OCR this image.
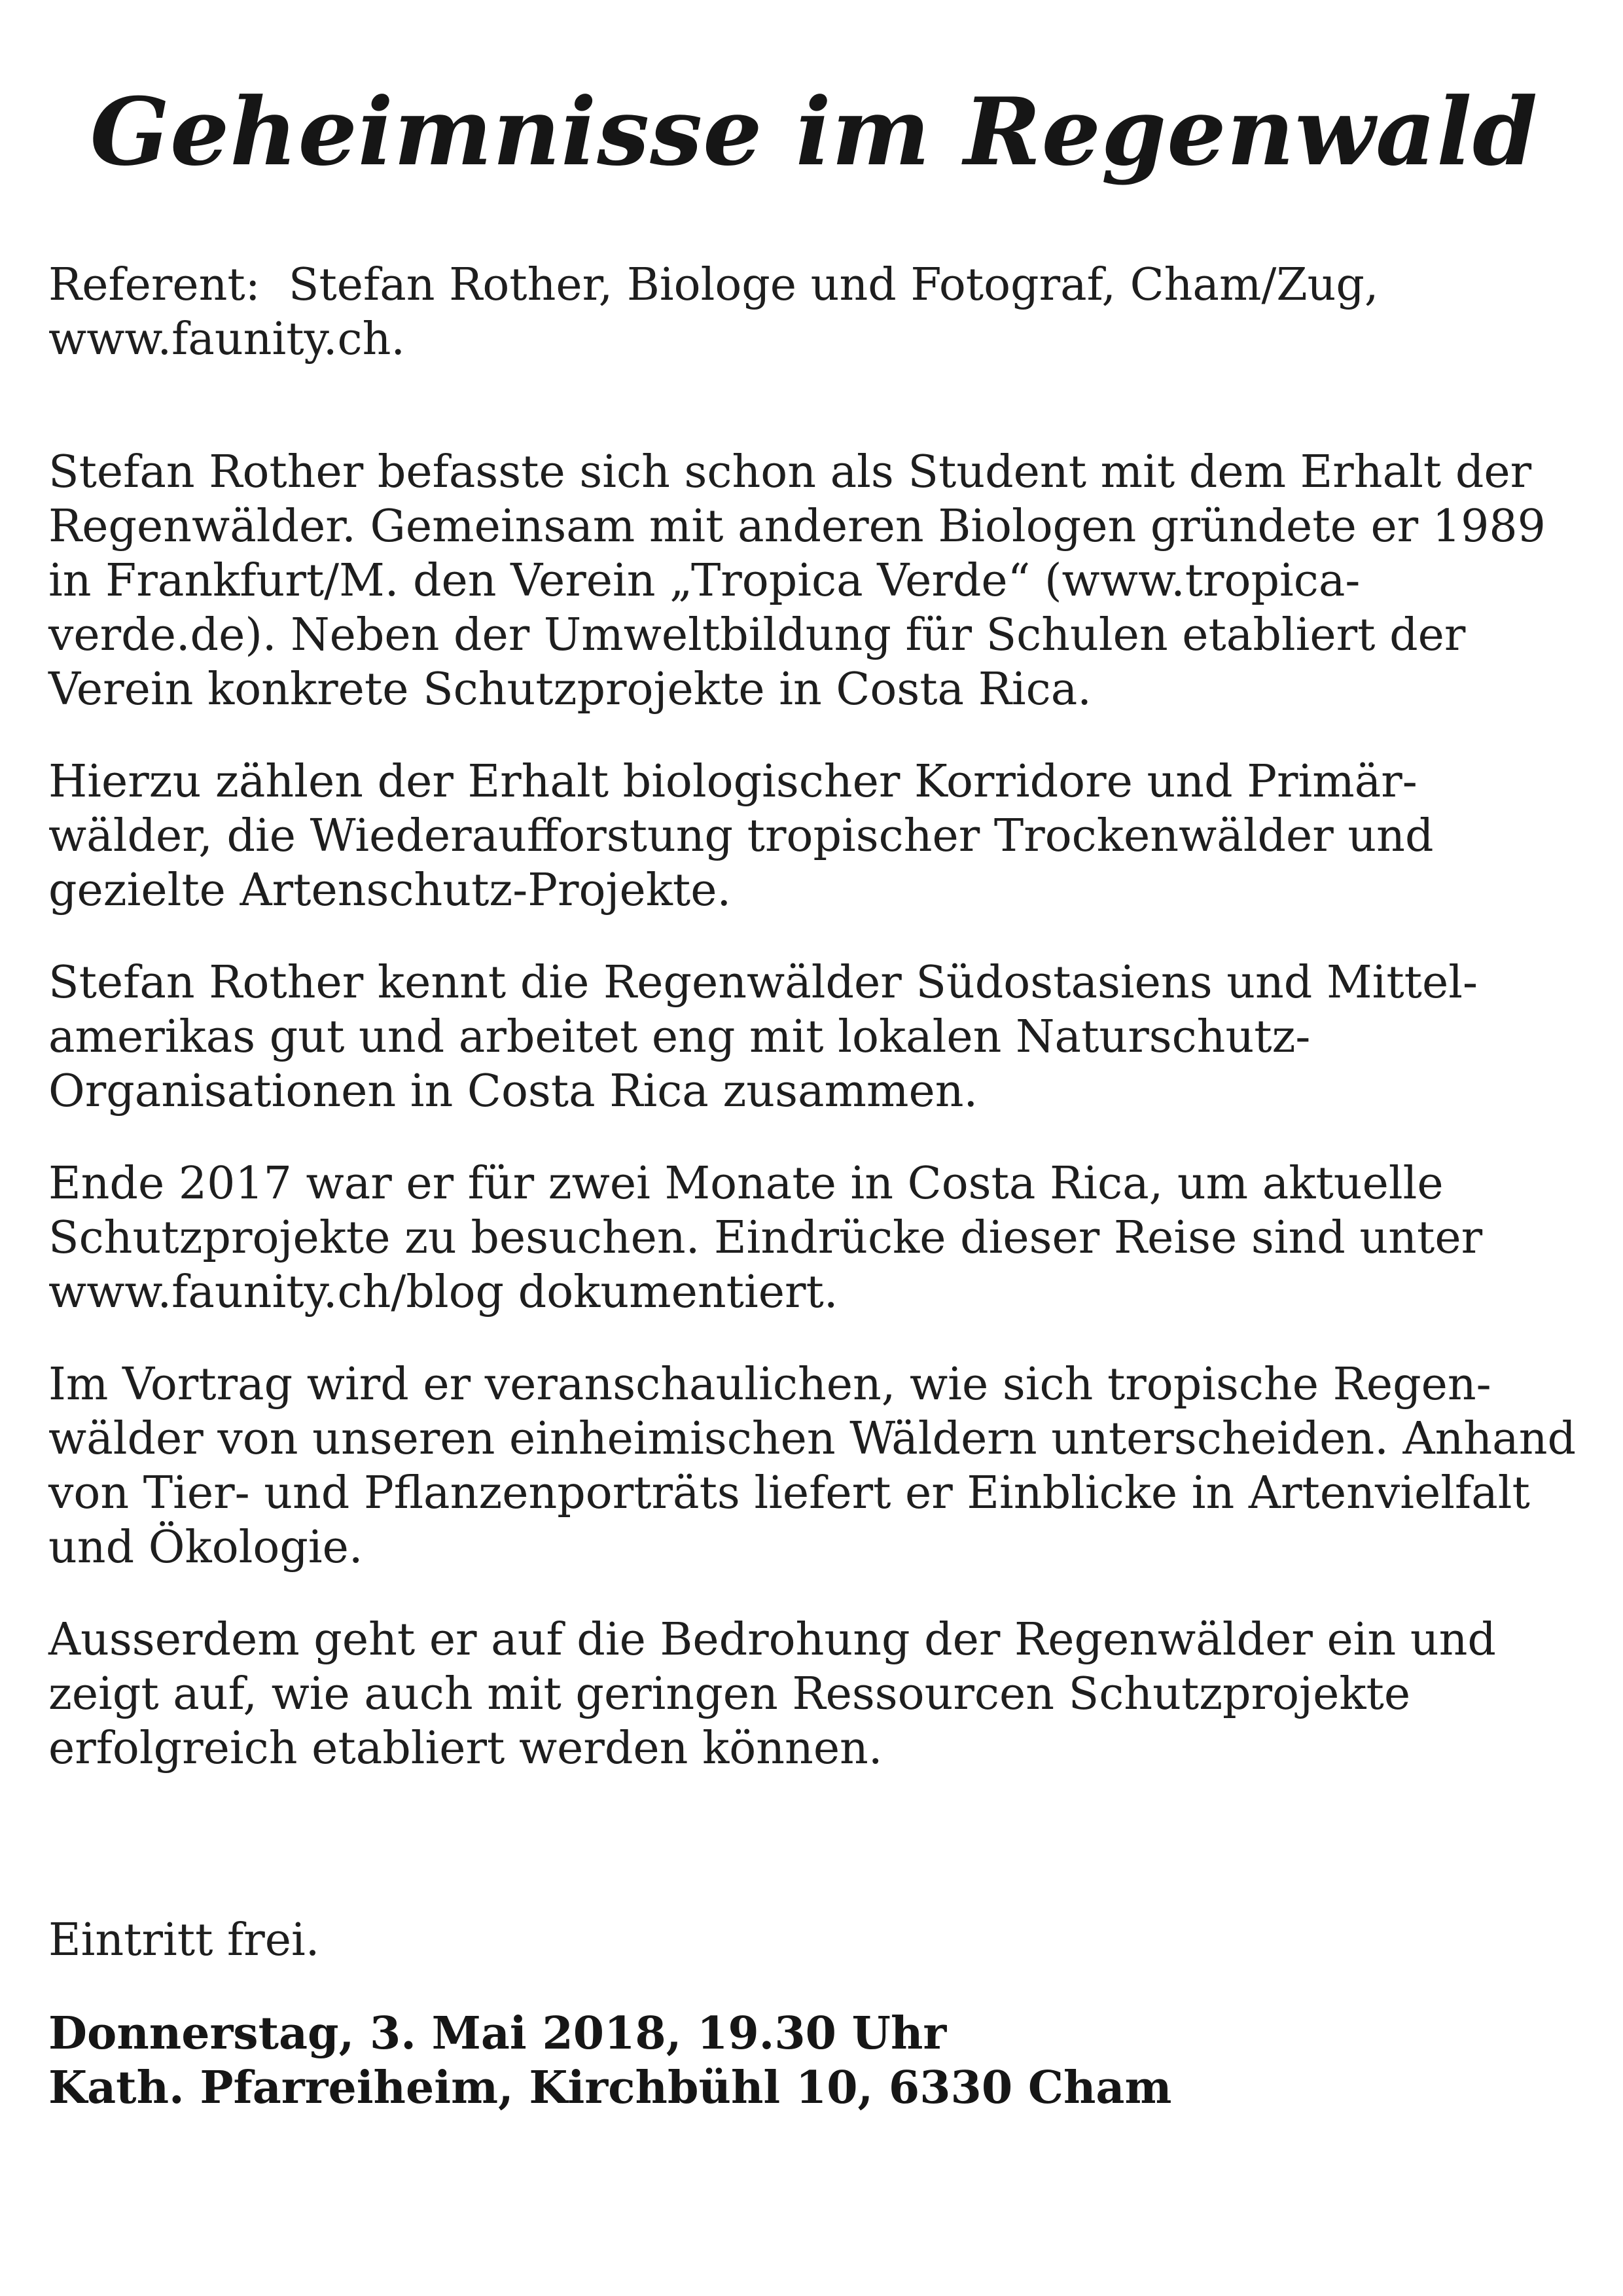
Geheimnisse im Regenwald

Referent: Stefan Rother, Biologe und Fotograf, Cham/Zug, www.faunity.ch.

Stefan Rother befasste sich schon als Student mit dem Erhalt der Regenwälder. Gemeinsam mit anderen Biologen gründete er 1989 in Frankfurt/M. den Verein „Tropica Verde“ (www.tropica-verde.de). Neben der Umweltbildung für Schulen etabliert der Verein konkrete Schutzprojekte in Costa Rica.

Hierzu zählen der Erhalt biologischer Korridore und Primär-wälder, die Wiederaufforstung tropischer Trockenwälder und gezielte Artenschutz-Projekte.

Stefan Rother kennt die Regenwälder Südostasiens und Mittel-amerikas gut und arbeitet eng mit lokalen Naturschutz-Organisationen in Costa Rica zusammen.

Ende 2017 war er für zwei Monate in Costa Rica, um aktuelle Schutzprojekte zu besuchen. Eindrücke dieser Reise sind unter www.faunity.ch/blog dokumentiert.

Im Vortrag wird er veranschaulichen, wie sich tropische Regen-wälder von unseren einheimischen Wäldern unterscheiden. Anhand von Tier- und Pflanzenporträts liefert er Einblicke in Artenvielfalt und Ökologie.

Ausserdem geht er auf die Bedrohung der Regenwälder ein und zeigt auf, wie auch mit geringen Ressourcen Schutzprojekte erfolgreich etabliert werden können.

Eintritt frei.

Donnerstag, 3. Mai 2018, 19.30 Uhr
Kath. Pfarreiheim, Kirchbühl 10, 6330 Cham
